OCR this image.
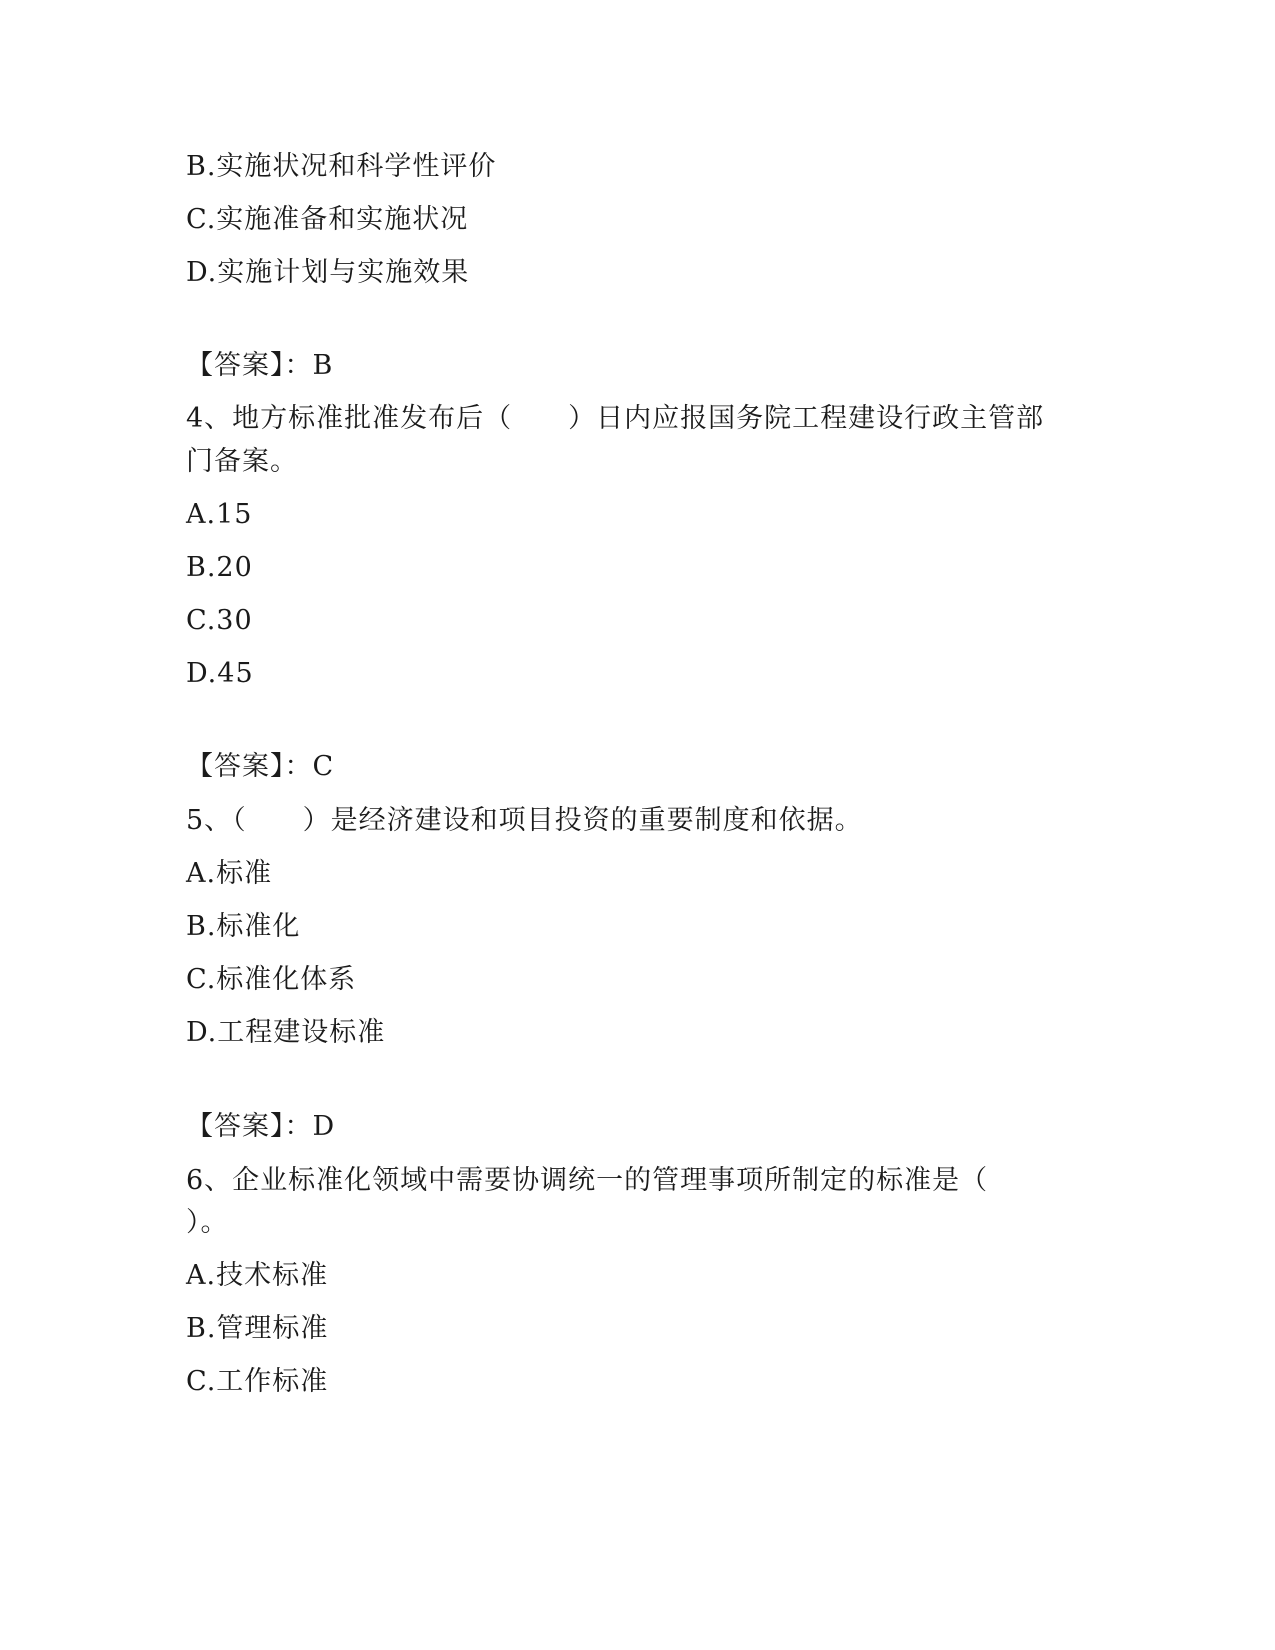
B.实施状况和科学性评价
C.实施准备和实施状况
D.实施计划与实施效果
【答案】：B
4、地方标准批准发布后（　　）日内应报国务院工程建设行政主管部
门备案。
A.15
B.20
C.30
D.45
【答案】：C
5、（　　）是经济建设和项目投资的重要制度和依据。
A.标准
B.标准化
C.标准化体系
D.工程建设标准
【答案】：D
6、企业标准化领域中需要协调统一的管理事项所制定的标准是（
）。
A.技术标准
B.管理标准
C.工作标准
